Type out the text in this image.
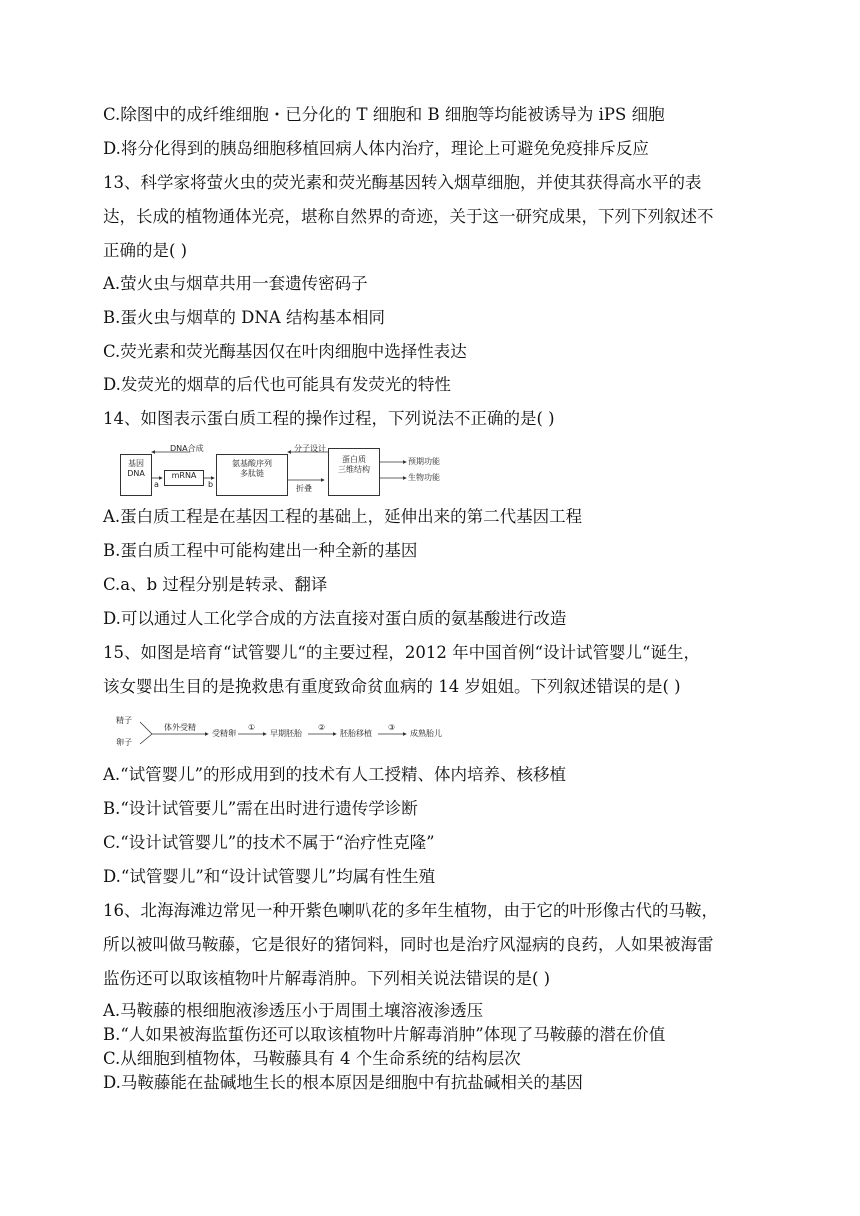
C.除图中的成纤维细胞・已分化的 T 细胞和 B 细胞等均能被诱导为 iPS 细胞
D.将分化得到的胰岛细胞移植回病人体内治疗，理论上可避免免疫排斥反应
13、科学家将萤火虫的荧光素和荧光酶基因转入烟草细胞，并使其获得高水平的表
达，长成的植物通体光亮，堪称自然界的奇迹，关于这一研究成果，下列下列叙述不
正确的是( )
A.萤火虫与烟草共用一套遗传密码子
B.蛋火虫与烟草的 DNA 结构基本相同
C.荧光素和荧光酶基因仅在叶肉细胞中选择性表达
D.发荧光的烟草的后代也可能具有发荧光的特性
14、如图表示蛋白质工程的操作过程，下列说法不正确的是( )
基因
DNA	mRNA
氨基酸序列
多肽链
蛋白质
三维结构
DNA合成	分子设计
折叠
a	b
预期功能
生物功能
A.蛋白质工程是在基因工程的基础上，延伸出来的第二代基因工程
B.蛋白质工程中可能构建出一种全新的基因
C.a、b 过程分别是转录、翻译
D.可以通过人工化学合成的方法直接对蛋白质的氨基酸进行改造
15、如图是培育“试管婴儿“的主要过程，2012 年中国首例“设计试管婴儿“诞生，
该女婴出生目的是挽救患有重度致命贫血病的 14 岁姐姐。下列叙述错误的是( )
精子
卵子
体外受精
受精卵
①
早期胚胎
②
胚胎移植
③
成熟胎儿
A.“试管婴儿”的形成用到的技术有人工授精、体内培养、核移植
B.“设计试管要儿”需在出时进行遗传学诊断
C.“设计试管婴儿”的技术不属于“治疗性克隆”
D.“试管婴儿”和“设计试管婴儿”均属有性生殖
16、北海海滩边常见一种开紫色喇叭花的多年生植物，由于它的叶形像古代的马鞍，
所以被叫做马鞍藤，它是很好的猪饲料，同时也是治疗风湿病的良药，人如果被海雷
监伤还可以取该植物叶片解毒消肿。下列相关说法错误的是( )
A.马鞍藤的根细胞液渗透压小于周围土壤溶液渗透压
B.“人如果被海监蜇伤还可以取该植物叶片解毒消肿”体现了马鞍藤的潜在价值
C.从细胞到植物体，马鞍藤具有 4 个生命系统的结构层次
D.马鞍藤能在盐碱地生长的根本原因是细胞中有抗盐碱相关的基因
